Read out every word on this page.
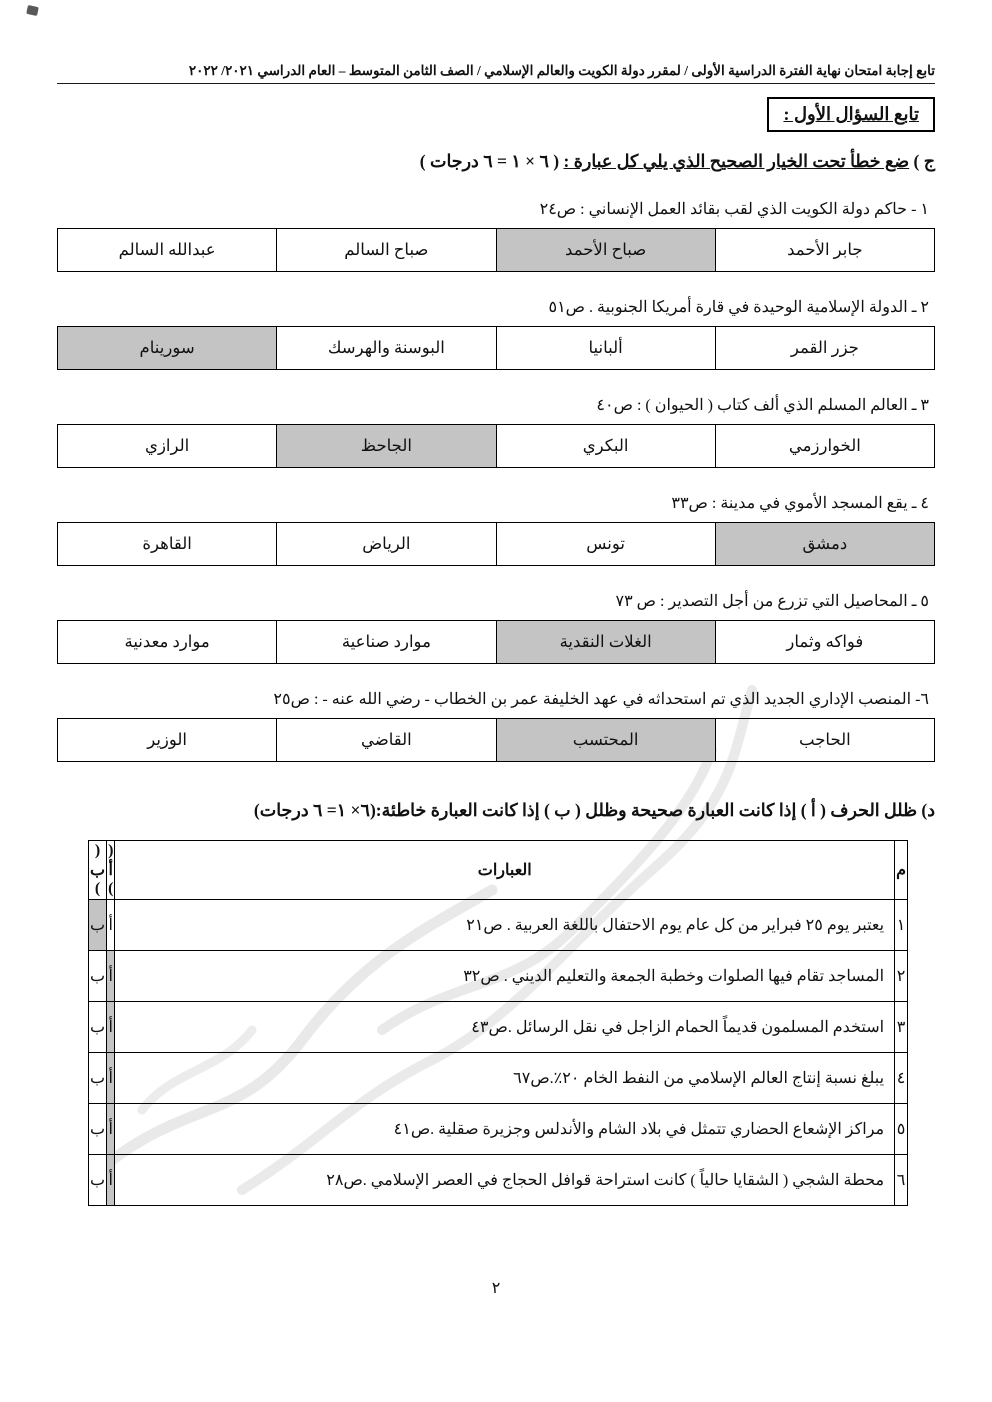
تابع إجابة امتحان نهاية الفترة الدراسية الأولى / لمقرر دولة الكويت والعالم الإسلامي / الصف الثامن المتوسط – العام الدراسي ٢٠٢١/ ٢٠٢٢
تابع السؤال الأول :
ج ) ضع خطأ تحت الخيار الصحيح الذي يلي كل عبارة : ( ٦ × ١ = ٦ درجات )
١ - حاكم دولة الكويت الذي لقب بقائد العمل الإنساني : ص٢٤
جابر الأحمد	صباح الأحمد	صباح السالم	عبدالله السالم
٢ ـ الدولة الإسلامية الوحيدة في قارة أمريكا الجنوبية . ص٥١
جزر القمر	ألبانيا	البوسنة والهرسك	سورينام
٣ ـ العالم المسلم الذي ألف كتاب ( الحيوان ) : ص٤٠
الخوارزمي	البكري	الجاحظ	الرازي
٤ ـ يقع المسجد الأموي في مدينة : ص٣٣
دمشق	تونس	الرياض	القاهرة
٥ ـ المحاصيل التي تزرع من أجل التصدير : ص ٧٣
فواكه وثمار	الغلات النقدية	موارد صناعية	موارد معدنية
٦- المنصب الإداري الجديد الذي تم استحداثه في عهد الخليفة عمر بن الخطاب - رضي الله عنه - : ص٢٥
الحاجب	المحتسب	القاضي	الوزير
د) ظلل الحرف ( أ ) إذا كانت العبارة صحيحة وظلل ( ب ) إذا كانت العبارة خاطئة:(٦× ١= ٦ درجات)
م	العبارات	( أ )	( ب )
١	يعتبر يوم ٢٥ فبراير من كل عام يوم الاحتفال باللغة العربية . ص٢١	أ	ب
٢	المساجد تقام فيها الصلوات وخطبة الجمعة والتعليم الديني . ص٣٢	أ	ب
٣	استخدم المسلمون قديماً الحمام الزاجل في نقل الرسائل .ص٤٣	أ	ب
٤	يبلغ نسبة إنتاج العالم الإسلامي من النفط الخام ٢٠٪.ص٦٧	أ	ب
٥	مراكز الإشعاع الحضاري تتمثل في بلاد الشام والأندلس وجزيرة صقلية .ص٤١	أ	ب
٦	محطة الشجي ( الشقايا حالياً ) كانت استراحة قوافل الحجاج في العصر الإسلامي .ص٢٨	أ	ب
٢
